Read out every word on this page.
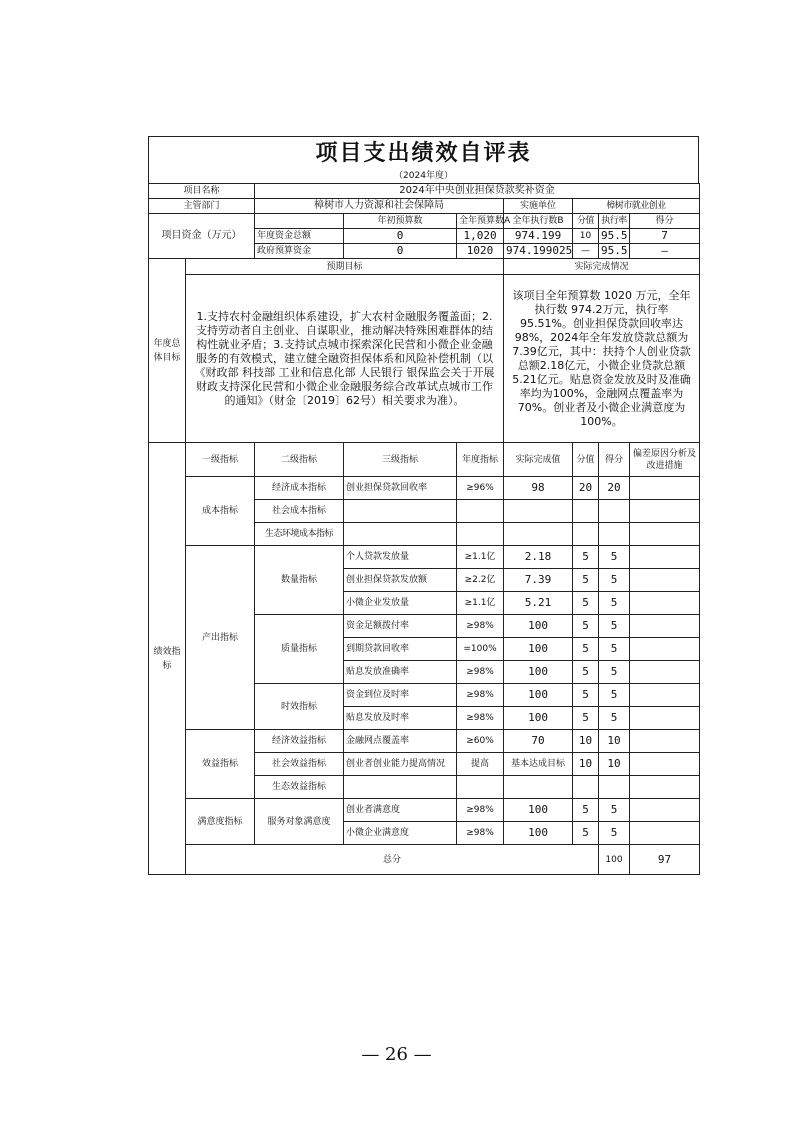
项目支出绩效自评表
（2024年度）
项目名称		2024年中央创业担保贷款奖补资金							
主管部门		樟树市人力资源和社会保障局			实施单位	樟树市就业创业			
项目资金（万元）			年初预算数	全年预算数A	全年执行数B	分值	执行率	得分	
		年度资金总额	0	1,020	974.199	10	95.5	7	
		政府预算资金	0	1020	974.199025	—	95.5	—	
年度总体目标	预期目标				实际完成情况				
	1.支持农村金融组织体系建设，扩大农村金融服务覆盖面；2.支持劳动者自主创业、自谋职业，推动解决特殊困难群体的结构性就业矛盾；3.支持试点城市探索深化民营和小微企业金融服务的有效模式，建立健全融资担保体系和风险补偿机制（以《财政部 科技部 工业和信息化部 人民银行 银保监会关于开展财政支持深化民营和小微企业金融服务综合改革试点城市工作的通知》（财金〔2019〕62号）相关要求为准）。				该项目全年预算数 1020 万元，全年执行数 974.2万元，执行率95.51%。创业担保贷款回收率达98%，2024年全年发放贷款总额为7.39亿元，其中：扶持个人创业贷款总额2.18亿元，小微企业贷款总额5.21亿元。贴息资金发放及时及准确率均为100%，金融网点覆盖率为70%。创业者及小微企业满意度为100%。				
绩效指标	一级指标	二级指标	三级指标	年度指标	实际完成值	分值	得分	偏差原因分析及改进措施	
	成本指标	经济成本指标	创业担保贷款回收率	≥96%	98	20	20		
		社会成本指标							
		生态环境成本指标							
	产出指标	数量指标	个人贷款发放量	≥1.1亿	2.18	5	5		
			创业担保贷款发放额	≥2.2亿	7.39	5	5		
			小微企业发放量	≥1.1亿	5.21	5	5		
		质量指标	资金足额拨付率	≥98%	100	5	5		
			到期贷款回收率	=100%	100	5	5		
			贴息发放准确率	≥98%	100	5	5		
		时效指标	资金到位及时率	≥98%	100	5	5		
			贴息发放及时率	≥98%	100	5	5		
	效益指标	经济效益指标	金融网点覆盖率	≥60%	70	10	10		
		社会效益指标	创业者创业能力提高情况	提高	基本达成目标	10	10		
		生态效益指标							
	满意度指标	服务对象满意度	创业者满意度	≥98%	100	5	5		
			小微企业满意度	≥98%	100	5	5		
	总分						100	97	
— 26 —
